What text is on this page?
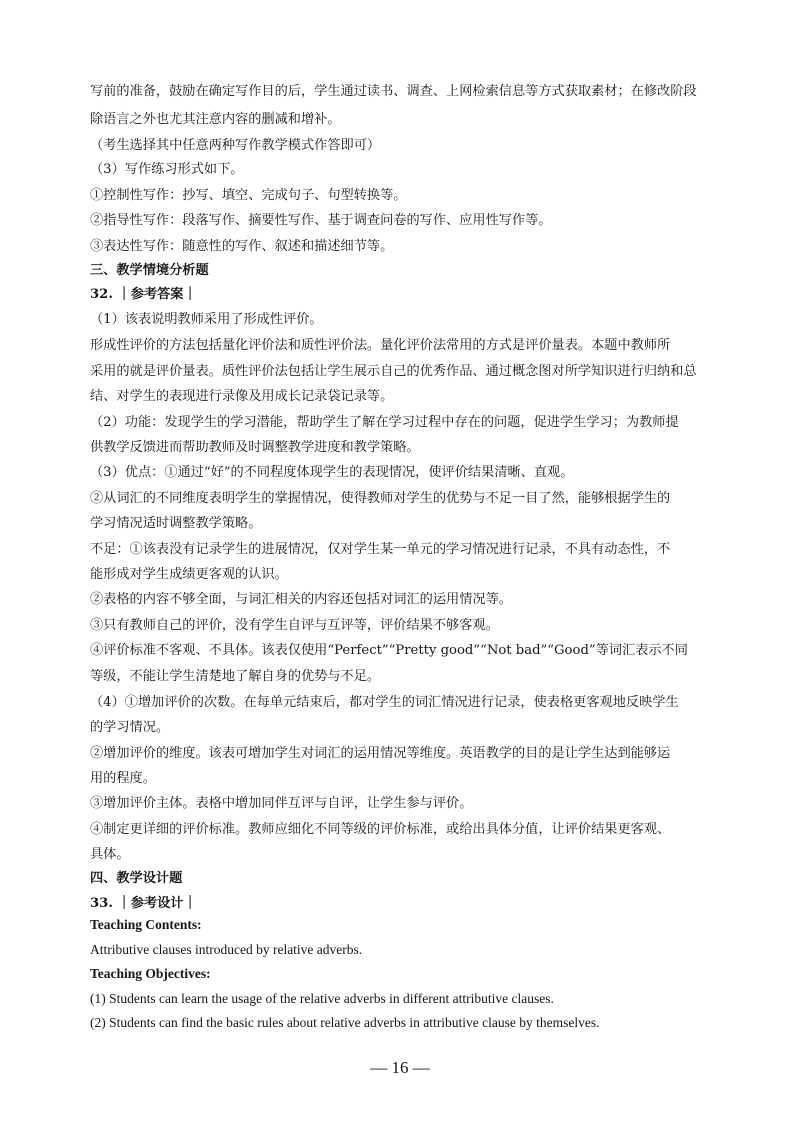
写前的准备，鼓励在确定写作目的后，学生通过读书、调查、上网检索信息等方式获取素材；在修改阶段
除语言之外也尤其注意内容的删减和增补。
（考生选择其中任意两种写作教学模式作答即可）
（3）写作练习形式如下。
①控制性写作：抄写、填空、完成句子、句型转换等。
②指导性写作：段落写作、摘要性写作、基于调查问卷的写作、应用性写作等。
③表达性写作：随意性的写作、叙述和描述细节等。
三、教学情境分析题
32. ｜参考答案｜
（1）该表说明教师采用了形成性评价。
形成性评价的方法包括量化评价法和质性评价法。量化评价法常用的方式是评价量表。本题中教师所
采用的就是评价量表。质性评价法包括让学生展示自己的优秀作品、通过概念图对所学知识进行归纳和总
结、对学生的表现进行录像及用成长记录袋记录等。
（2）功能：发现学生的学习潜能，帮助学生了解在学习过程中存在的问题，促进学生学习；为教师提
供教学反馈进而帮助教师及时调整教学进度和教学策略。
（3）优点：①通过“好”的不同程度体现学生的表现情况，使评价结果清晰、直观。
②从词汇的不同维度表明学生的掌握情况，使得教师对学生的优势与不足一目了然，能够根据学生的
学习情况适时调整教学策略。
不足：①该表没有记录学生的进展情况，仅对学生某一单元的学习情况进行记录，不具有动态性，不
能形成对学生成绩更客观的认识。
②表格的内容不够全面，与词汇相关的内容还包括对词汇的运用情况等。
③只有教师自己的评价，没有学生自评与互评等，评价结果不够客观。
④评价标准不客观、不具体。该表仅使用“Perfect”“Pretty good”“Not bad”“Good”等词汇表示不同
等级，不能让学生清楚地了解自身的优势与不足。
（4）①增加评价的次数。在每单元结束后，都对学生的词汇情况进行记录，使表格更客观地反映学生
的学习情况。
②增加评价的维度。该表可增加学生对词汇的运用情况等维度。英语教学的目的是让学生达到能够运
用的程度。
③增加评价主体。表格中增加同伴互评与自评，让学生参与评价。
④制定更详细的评价标准。教师应细化不同等级的评价标准，或给出具体分值，让评价结果更客观、
具体。
四、教学设计题
33. ｜参考设计｜
Teaching Contents:
Attributive clauses introduced by relative adverbs.
Teaching Objectives:
(1) Students can learn the usage of the relative adverbs in different attributive clauses.
(2) Students can find the basic rules about relative adverbs in attributive clause by themselves.
— 16 —
